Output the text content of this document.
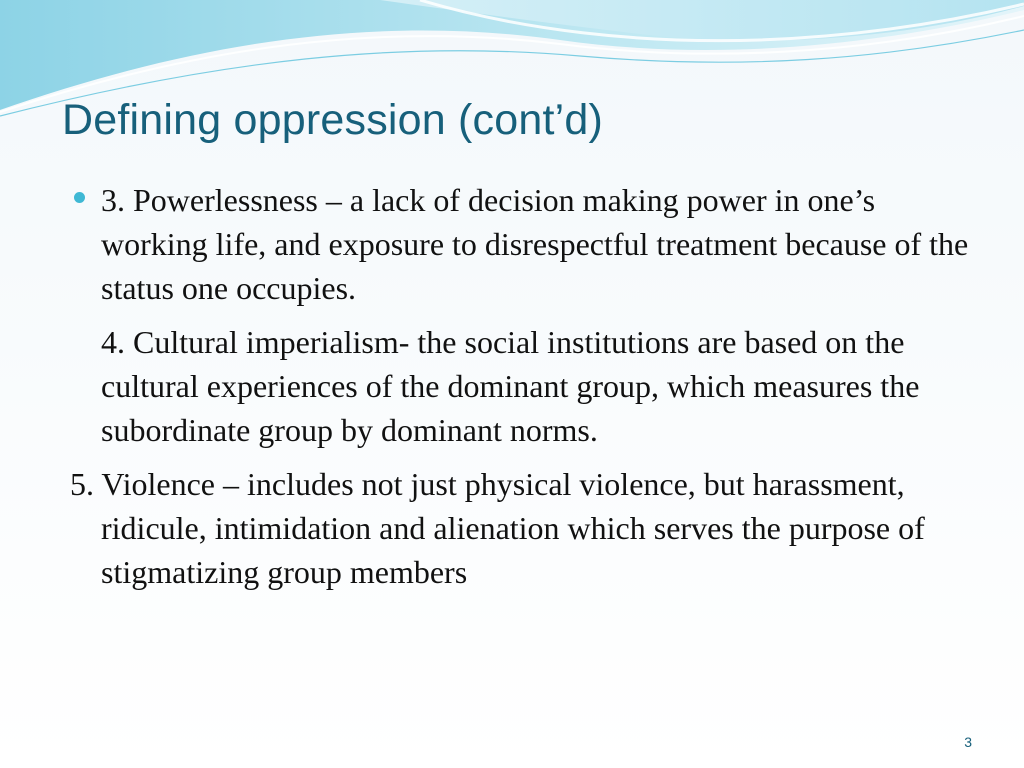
Defining oppression (cont’d)

3. Powerlessness – a lack of decision making power in one’s working life, and exposure to disrespectful treatment because of the status one occupies.

4. Cultural imperialism- the social institutions are based on the cultural experiences of the dominant group, which measures the subordinate group by dominant norms.

5. Violence – includes not just physical violence, but harassment, ridicule, intimidation and alienation which serves the purpose of stigmatizing group members

3
